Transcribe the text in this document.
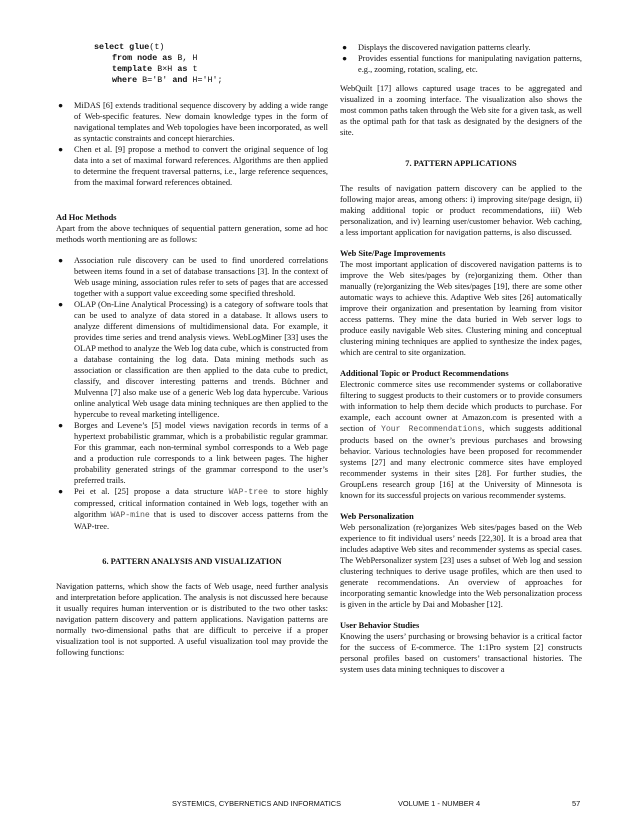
select glue(t)
from node as B, H
template B×H as t
where B='B' and H='H';
● MiDAS [6] extends traditional sequence discovery by adding a wide range of Web-specific features. New domain knowledge types in the form of navigational templates and Web topologies have been incorporated, as well as syntactic constraints and concept hierarchies.
● Chen et al. [9] propose a method to convert the original sequence of log data into a set of maximal forward references. Algorithms are then applied to determine the frequent traversal patterns, i.e., large reference sequences, from the maximal forward references obtained.

Ad Hoc Methods

Apart from the above techniques of sequential pattern generation, some ad hoc methods worth mentioning are as follows:

● Association rule discovery can be used to find unordered correlations between items found in a set of database transactions [3]. In the context of Web usage mining, association rules refer to sets of pages that are accessed together with a support value exceeding some specified threshold.
● OLAP (On-Line Analytical Processing) is a category of software tools that can be used to analyze of data stored in a database. It allows users to analyze different dimensions of multidimensional data. For example, it provides time series and trend analysis views. WebLogMiner [33] uses the OLAP method to analyze the Web log data cube, which is constructed from a database containing the log data. Data mining methods such as association or classification are then applied to the data cube to predict, classify, and discover interesting patterns and trends. Büchner and Mulvenna [7] also make use of a generic Web log data hypercube. Various online analytical Web usage data mining techniques are then applied to the hypercube to reveal marketing intelligence.
● Borges and Levene’s [5] model views navigation records in terms of a hypertext probabilistic grammar, which is a probabilistic regular grammar. For this grammar, each non-terminal symbol corresponds to a Web page and a production rule corresponds to a link between pages. The higher probability generated strings of the grammar correspond to the user’s preferred trails.
● Pei et al. [25] propose a data structure WAP-tree to store highly compressed, critical information contained in Web logs, together with an algorithm WAP-mine that is used to discover access patterns from the WAP-tree.

6. PATTERN ANALYSIS AND VISUALIZATION

Navigation patterns, which show the facts of Web usage, need further analysis and interpretation before application. The analysis is not discussed here because it usually requires human intervention or is distributed to the two other tasks: navigation pattern discovery and pattern applications. Navigation patterns are normally two-dimensional paths that are difficult to perceive if a proper visualization tool is not supported. A useful visualization tool may provide the following functions:

● Displays the discovered navigation patterns clearly.
● Provides essential functions for manipulating navigation patterns, e.g., zooming, rotation, scaling, etc.

WebQuilt [17] allows captured usage traces to be aggregated and visualized in a zooming interface. The visualization also shows the most common paths taken through the Web site for a given task, as well as the optimal path for that task as designated by the designers of the site.

7. PATTERN APPLICATIONS

The results of navigation pattern discovery can be applied to the following major areas, among others: i) improving site/page design, ii) making additional topic or product recommendations, iii) Web personalization, and iv) learning user/customer behavior. Web caching, a less important application for navigation patterns, is also discussed.

Web Site/Page Improvements

The most important application of discovered navigation patterns is to improve the Web sites/pages by (re)organizing them. Other than manually (re)organizing the Web sites/pages [19], there are some other automatic ways to achieve this. Adaptive Web sites [26] automatically improve their organization and presentation by learning from visitor access patterns. They mine the data buried in Web server logs to produce easily navigable Web sites. Clustering mining and conceptual clustering mining techniques are applied to synthesize the index pages, which are central to site organization.

Additional Topic or Product Recommendations

Electronic commerce sites use recommender systems or collaborative filtering to suggest products to their customers or to provide consumers with information to help them decide which products to purchase. For example, each account owner at Amazon.com is presented with a section of Your Recommendations, which suggests additional products based on the owner’s previous purchases and browsing behavior. Various technologies have been proposed for recommender systems [27] and many electronic commerce sites have employed recommender systems in their sites [28]. For further studies, the GroupLens research group [16] at the University of Minnesota is known for its successful projects on various recommender systems.

Web Personalization

Web personalization (re)organizes Web sites/pages based on the Web experience to fit individual users’ needs [22,30]. It is a broad area that includes adaptive Web sites and recommender systems as special cases. The WebPersonalizer system [23] uses a subset of Web log and session clustering techniques to derive usage profiles, which are then used to generate recommendations. An overview of approaches for incorporating semantic knowledge into the Web personalization process is given in the article by Dai and Mobasher [12].

User Behavior Studies

Knowing the users’ purchasing or browsing behavior is a critical factor for the success of E-commerce. The 1:1Pro system [2] constructs personal profiles based on customers’ transactional histories. The system uses data mining techniques to discover a

SYSTEMICS, CYBERNETICS AND INFORMATICS	VOLUME 1 - NUMBER 4	57
